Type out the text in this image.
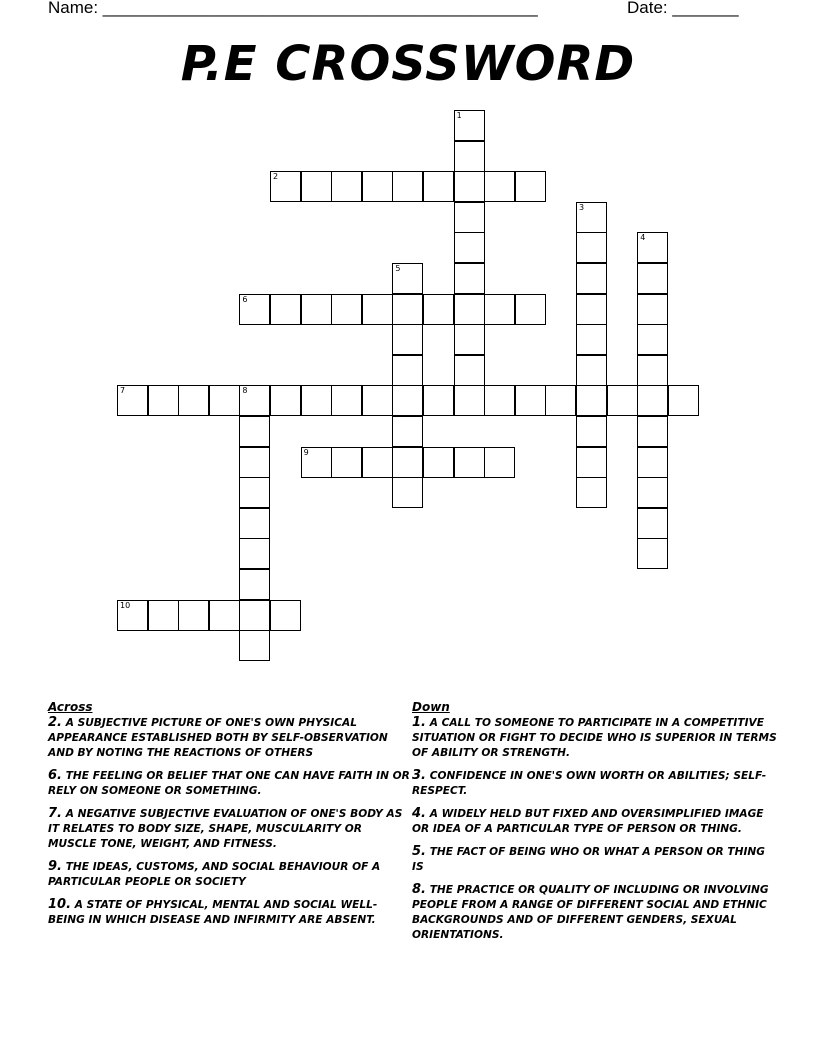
Name: ______________________________________________	Date: _______
P.E CROSSWORD
1
2
3
4
5
6
7	8
9
10
Across
2. A SUBJECTIVE PICTURE OF ONE'S OWN PHYSICAL APPEARANCE ESTABLISHED BOTH BY SELF-OBSERVATION AND BY NOTING THE REACTIONS OF OTHERS
6. THE FEELING OR BELIEF THAT ONE CAN HAVE FAITH IN OR RELY ON SOMEONE OR SOMETHING.
7. A NEGATIVE SUBJECTIVE EVALUATION OF ONE'S BODY AS IT RELATES TO BODY SIZE, SHAPE, MUSCULARITY OR MUSCLE TONE, WEIGHT, AND FITNESS.
9. THE IDEAS, CUSTOMS, AND SOCIAL BEHAVIOUR OF A PARTICULAR PEOPLE OR SOCIETY
10. A STATE OF PHYSICAL, MENTAL AND SOCIAL WELL-BEING IN WHICH DISEASE AND INFIRMITY ARE ABSENT.
Down
1. A CALL TO SOMEONE TO PARTICIPATE IN A COMPETITIVE SITUATION OR FIGHT TO DECIDE WHO IS SUPERIOR IN TERMS OF ABILITY OR STRENGTH.
3. CONFIDENCE IN ONE'S OWN WORTH OR ABILITIES; SELF-RESPECT.
4. A WIDELY HELD BUT FIXED AND OVERSIMPLIFIED IMAGE OR IDEA OF A PARTICULAR TYPE OF PERSON OR THING.
5. THE FACT OF BEING WHO OR WHAT A PERSON OR THING IS
8. THE PRACTICE OR QUALITY OF INCLUDING OR INVOLVING PEOPLE FROM A RANGE OF DIFFERENT SOCIAL AND ETHNIC BACKGROUNDS AND OF DIFFERENT GENDERS, SEXUAL ORIENTATIONS.
